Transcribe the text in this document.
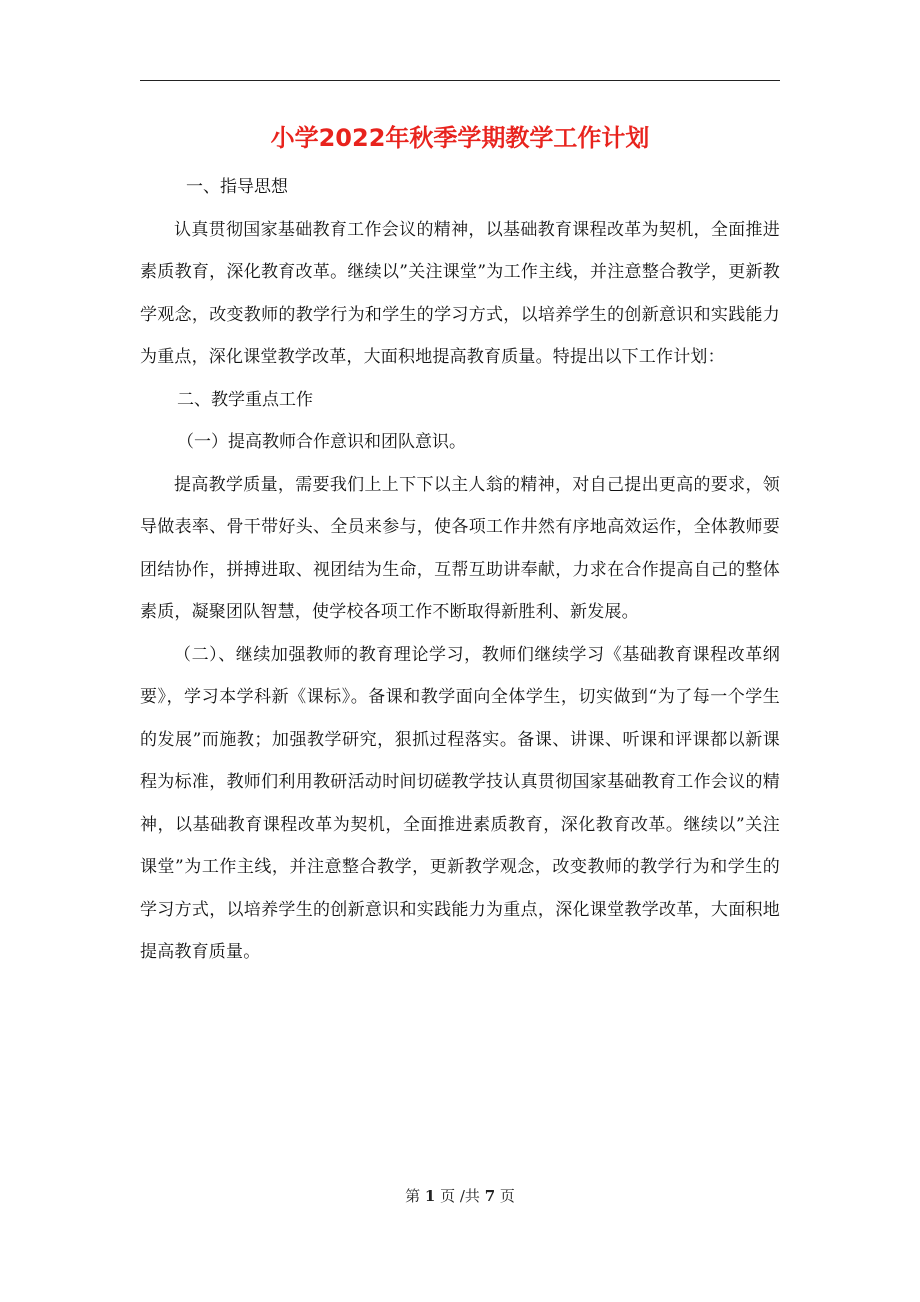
小学2022年秋季学期教学工作计划

一、指导思想

认真贯彻国家基础教育工作会议的精神，以基础教育课程改革为契机，全面推进素质教育，深化教育改革。继续以”关注课堂”为工作主线，并注意整合教学，更新教学观念，改变教师的教学行为和学生的学习方式，以培养学生的创新意识和实践能力为重点，深化课堂教学改革，大面积地提高教育质量。特提出以下工作计划：

二、教学重点工作

（一）提高教师合作意识和团队意识。

提高教学质量，需要我们上上下下以主人翁的精神，对自己提出更高的要求，领导做表率、骨干带好头、全员来参与，使各项工作井然有序地高效运作，全体教师要团结协作，拼搏进取、视团结为生命，互帮互助讲奉献，力求在合作提高自己的整体素质，凝聚团队智慧，使学校各项工作不断取得新胜利、新发展。

（二）、继续加强教师的教育理论学习，教师们继续学习《基础教育课程改革纲要》，学习本学科新《课标》。备课和教学面向全体学生，切实做到“为了每一个学生的发展”而施教；加强教学研究，狠抓过程落实。备课、讲课、听课和评课都以新课程为标准，教师们利用教研活动时间切磋教学技认真贯彻国家基础教育工作会议的精神，以基础教育课程改革为契机，全面推进素质教育，深化教育改革。继续以”关注课堂”为工作主线，并注意整合教学，更新教学观念，改变教师的教学行为和学生的学习方式，以培养学生的创新意识和实践能力为重点，深化课堂教学改革，大面积地提高教育质量。

第 1 页 /共 7 页
